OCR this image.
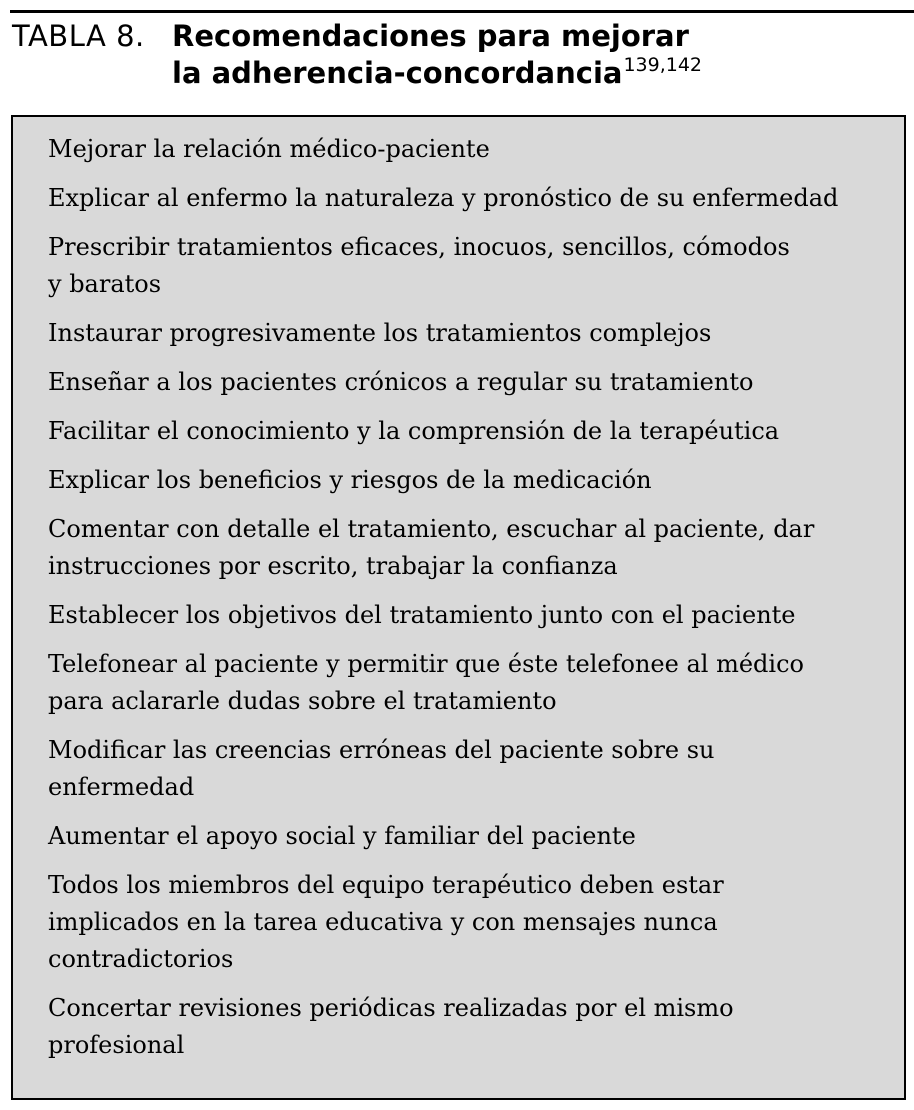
TABLA 8. Recomendaciones para mejorar
la adherencia-concordancia$^{139,142}$
Mejorar la relación médico-paciente
Explicar al enfermo la naturaleza y pronóstico de su enfermedad
Prescribir tratamientos eficaces, inocuos, sencillos, cómodos
y baratos
Instaurar progresivamente los tratamientos complejos
Enseñar a los pacientes crónicos a regular su tratamiento
Facilitar el conocimiento y la comprensión de la terapéutica
Explicar los beneficios y riesgos de la medicación
Comentar con detalle el tratamiento, escuchar al paciente, dar
instrucciones por escrito, trabajar la confianza
Establecer los objetivos del tratamiento junto con el paciente
Telefonear al paciente y permitir que éste telefonee al médico
para aclararle dudas sobre el tratamiento
Modificar las creencias erróneas del paciente sobre su
enfermedad
Aumentar el apoyo social y familiar del paciente
Todos los miembros del equipo terapéutico deben estar
implicados en la tarea educativa y con mensajes nunca
contradictorios
Concertar revisiones periódicas realizadas por el mismo
profesional
